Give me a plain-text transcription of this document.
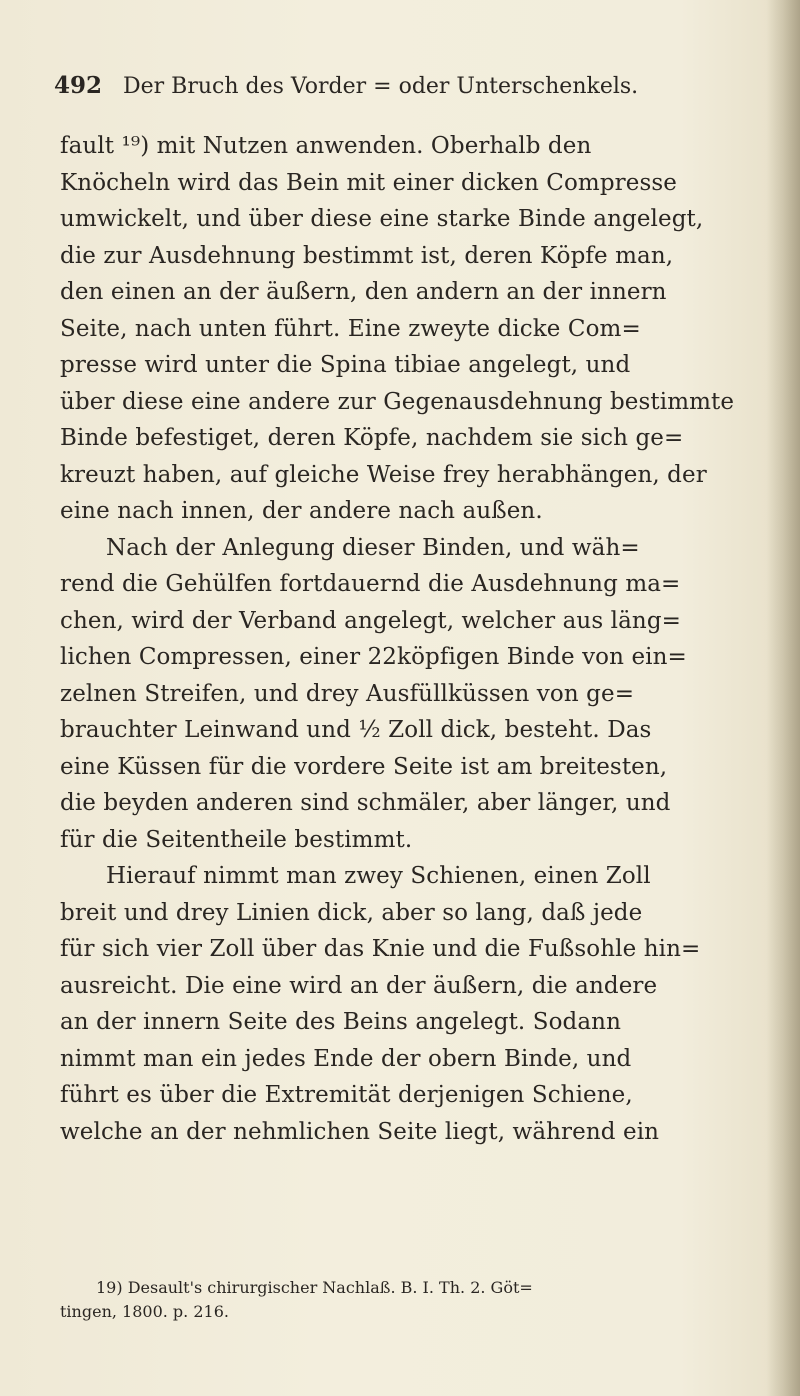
492 Der Bruch des Vorder = oder Unterschenkels.
fault ¹⁹) mit Nutzen anwenden. Oberhalb den
Knöcheln wird das Bein mit einer dicken Compresse
umwickelt, und über diese eine starke Binde angelegt,
die zur Ausdehnung bestimmt ist, deren Köpfe man,
den einen an der äußern, den andern an der innern
Seite, nach unten führt. Eine zweyte dicke Com=
presse wird unter die Spina tibiae angelegt, und
über diese eine andere zur Gegenausdehnung bestimmte
Binde befestiget, deren Köpfe, nachdem sie sich ge=
kreuzt haben, auf gleiche Weise frey herabhängen, der
eine nach innen, der andere nach außen.
Nach der Anlegung dieser Binden, und wäh=
rend die Gehülfen fortdauernd die Ausdehnung ma=
chen, wird der Verband angelegt, welcher aus läng=
lichen Compressen, einer 22köpfigen Binde von ein=
zelnen Streifen, und drey Ausfüllküssen von ge=
brauchter Leinwand und ½ Zoll dick, besteht. Das
eine Küssen für die vordere Seite ist am breitesten,
die beyden anderen sind schmäler, aber länger, und
für die Seitentheile bestimmt.
Hierauf nimmt man zwey Schienen, einen Zoll
breit und drey Linien dick, aber so lang, daß jede
für sich vier Zoll über das Knie und die Fußsohle hin=
ausreicht. Die eine wird an der äußern, die andere
an der innern Seite des Beins angelegt. Sodann
nimmt man ein jedes Ende der obern Binde, und
führt es über die Extremität derjenigen Schiene,
welche an der nehmlichen Seite liegt, während ein
19) Desault's chirurgischer Nachlaß. B. I. Th. 2. Göt=
tingen, 1800. p. 216.
